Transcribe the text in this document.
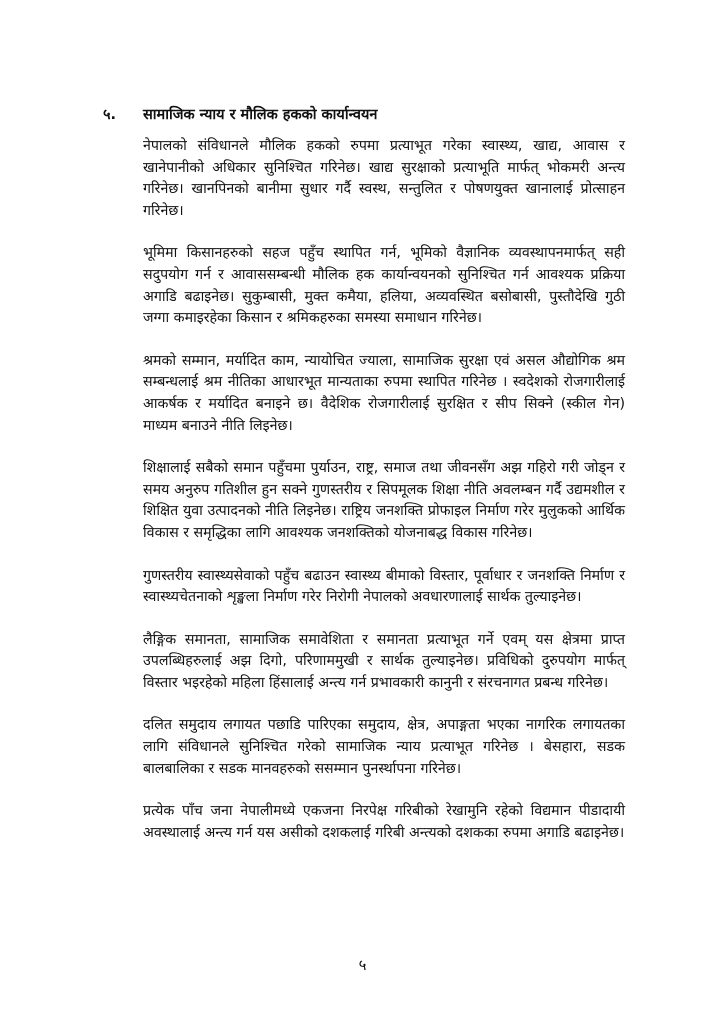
५. सामाजिक न्याय र मौलिक हकको कार्यान्वयन

नेपालको संविधानले मौलिक हकको रुपमा प्रत्याभूत गरेका स्वास्थ्य, खाद्य, आवास र खानेपानीको अधिकार सुनिश्चित गरिनेछ। खाद्य सुरक्षाको प्रत्याभूति मार्फत् भोकमरी अन्त्य गरिनेछ। खानपिनको बानीमा सुधार गर्दै स्वस्थ, सन्तुलित र पोषणयुक्त खानालाई प्रोत्साहन गरिनेछ।

भूमिमा किसानहरुको सहज पहुँच स्थापित गर्न, भूमिको वैज्ञानिक व्यवस्थापनमार्फत् सही सदुपयोग गर्न र आवाससम्बन्धी मौलिक हक कार्यान्वयनको सुनिश्चित गर्न आवश्यक प्रक्रिया अगाडि बढाइनेछ। सुकुम्बासी, मुक्त कमैया, हलिया, अव्यवस्थित बसोबासी, पुस्तौदेखि गुठी जग्गा कमाइरहेका किसान र श्रमिकहरुका समस्या समाधान गरिनेछ।

श्रमको सम्मान, मर्यादित काम, न्यायोचित ज्याला, सामाजिक सुरक्षा एवं असल औद्योगिक श्रम सम्बन्धलाई श्रम नीतिका आधारभूत मान्यताका रुपमा स्थापित गरिनेछ । स्वदेशको रोजगारीलाई आकर्षक र मर्यादित बनाइने छ। वैदेशिक रोजगारीलाई सुरक्षित र सीप सिक्ने (स्कील गेन) माध्यम बनाउने नीति लिइनेछ।

शिक्षालाई सबैको समान पहुँचमा पुर्याउन, राष्ट्र, समाज तथा जीवनसँग अझ गहिरो गरी जोड्न र समय अनुरुप गतिशील हुन सक्ने गुणस्तरीय र सिपमूलक शिक्षा नीति अवलम्बन गर्दै उद्यमशील र शिक्षित युवा उत्पादनको नीति लिइनेछ। राष्ट्रिय जनशक्ति प्रोफाइल निर्माण गरेर मुलुकको आर्थिक विकास र समृद्धिका लागि आवश्यक जनशक्तिको योजनाबद्ध विकास गरिनेछ।

गुणस्तरीय स्वास्थ्यसेवाको पहुँच बढाउन स्वास्थ्य बीमाको विस्तार, पूर्वाधार र जनशक्ति निर्माण र स्वास्थ्यचेतनाको शृङ्खला निर्माण गरेर निरोगी नेपालको अवधारणालाई सार्थक तुल्याइनेछ।

लैङ्गिक समानता, सामाजिक समावेशिता र समानता प्रत्याभूत गर्ने एवम् यस क्षेत्रमा प्राप्त उपलब्धिहरुलाई अझ दिगो, परिणाममुखी र सार्थक तुल्याइनेछ। प्रविधिको दुरुपयोग मार्फत् विस्तार भइरहेको महिला हिंसालाई अन्त्य गर्न प्रभावकारी कानुनी र संरचनागत प्रबन्ध गरिनेछ।

दलित समुदाय लगायत पछाडि पारिएका समुदाय, क्षेत्र, अपाङ्गता भएका नागरिक लगायतका लागि संविधानले सुनिश्चित गरेको सामाजिक न्याय प्रत्याभूत गरिनेछ । बेसहारा, सडक बालबालिका र सडक मानवहरुको ससम्मान पुनर्स्थापना गरिनेछ।

प्रत्येक पाँच जना नेपालीमध्ये एकजना निरपेक्ष गरिबीको रेखामुनि रहेको विद्यमान पीडादायी अवस्थालाई अन्त्य गर्न यस असीको दशकलाई गरिबी अन्त्यको दशकका रुपमा अगाडि बढाइनेछ।

५
